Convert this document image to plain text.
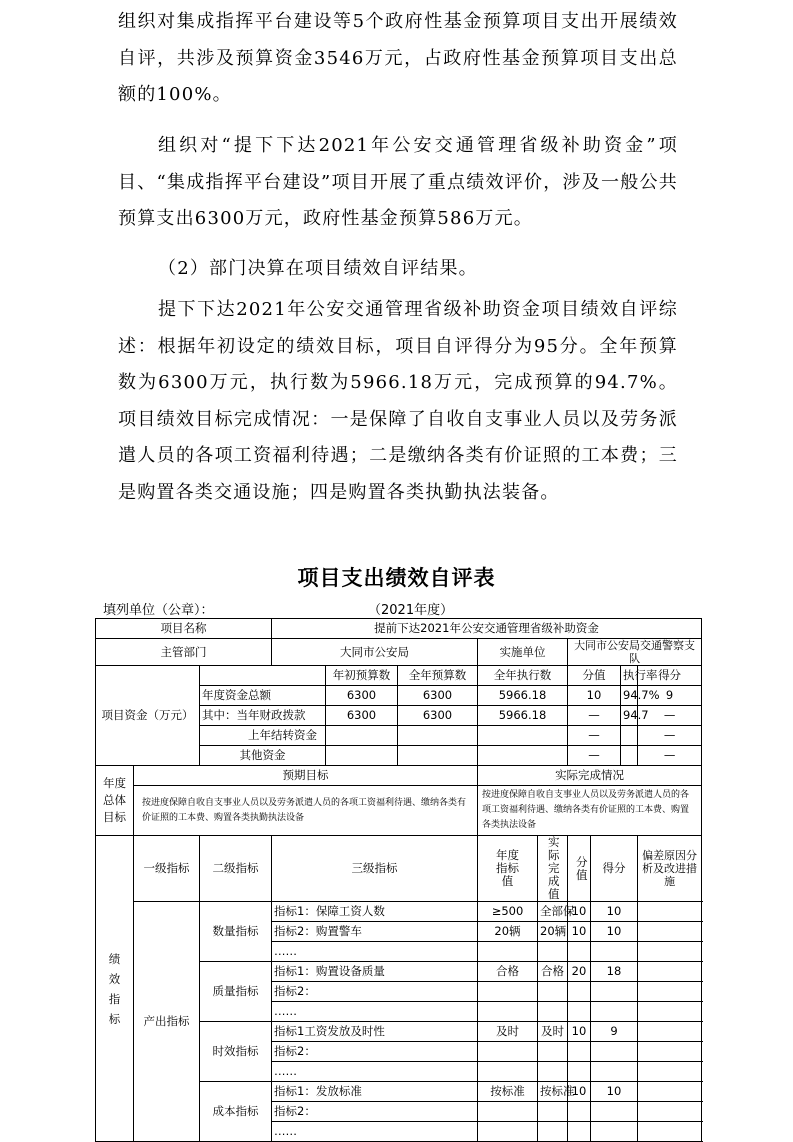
组织对集成指挥平台建设等5个政府性基金预算项目支出开展绩效自评，共涉及预算资金3546万元，占政府性基金预算项目支出总额的100%。

组织对“提下下达2021年公安交通管理省级补助资金”项目、“集成指挥平台建设”项目开展了重点绩效评价，涉及一般公共预算支出6300万元，政府性基金预算586万元。

（2）部门决算在项目绩效自评结果。

提下下达2021年公安交通管理省级补助资金项目绩效自评综述：根据年初设定的绩效目标，项目自评得分为95分。全年预算数为6300万元，执行数为5966.18万元，完成预算的94.7%。项目绩效目标完成情况：一是保障了自收自支事业人员以及劳务派遣人员的各项工资福利待遇；二是缴纳各类有价证照的工本费；三是购置各类交通设施；四是购置各类执勤执法装备。

项目支出绩效自评表
填列单位（公章）：	（2021年度）
项目名称			提前下达2021年公安交通管理省级补助资金								
主管部门			大同市公安局			实施单位		大同市公安局交通警察支队			
项目资金（万元）				年初预算数	全年预算数	全年执行数		分值		执行率	得分
		年度资金总额		6300	6300	5966.18		10		94.7%	9
		其中：当年财政拨款		6300	6300	5966.18		—		94.7	—
		上年结转资金						—			—
		其他资金						—			—
年度总体目标	预期目标					实际完成情况					
	按进度保障自收自支事业人员以及劳务派遣人员的各项工资福利待遇、缴纳各类有价证照的工本费、购置各类执勤执法设备					按进度保障自收自支事业人员以及劳务派遣人员的各项工资福利待遇、缴纳各类有价证照的工本费、购置各类执法设备					
绩效指标	一级指标	二级指标	三级指标			年度指标值	实际完成值	分值	得分		偏差原因分析及改进措施
	产出指标	数量指标	指标1：保障工资人数			≥500	全部保	10	10		
			指标2：购置警车			20辆	20辆	10	10		
			……								
		质量指标	指标1：购置设备质量			合格	合格	20	18		
			指标2：								
			……								
		时效指标	指标1工资发放及时性			及时	及时	10	9		
			指标2：								
			……								
		成本指标	指标1：发放标准			按标准	按标准	10	10		
			指标2：								
			……								
